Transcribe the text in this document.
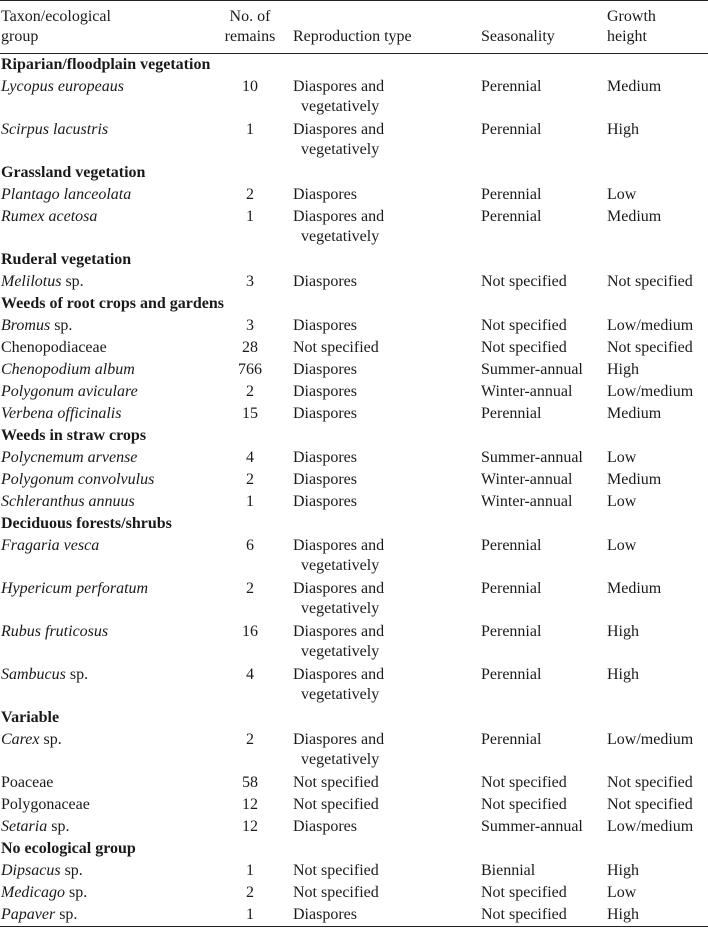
Taxon/ecological
group	No. of
remains	Reproduction type	Seasonality	Growth
height
Riparian/floodplain vegetation				
Lycopus europeaus	10	Diaspores and
vegetatively	Perennial	Medium
Scirpus lacustris	1	Diaspores and
vegetatively	Perennial	High
Grassland vegetation				
Plantago lanceolata	2	Diaspores	Perennial	Low
Rumex acetosa	1	Diaspores and
vegetatively	Perennial	Medium
Ruderal vegetation				
Melilotus sp.	3	Diaspores	Not specified	Not specified
Weeds of root crops and gardens				
Bromus sp.	3	Diaspores	Not specified	Low/medium
Chenopodiaceae	28	Not specified	Not specified	Not specified
Chenopodium album	766	Diaspores	Summer-annual	High
Polygonum aviculare	2	Diaspores	Winter-annual	Low/medium
Verbena officinalis	15	Diaspores	Perennial	Medium
Weeds in straw crops				
Polycnemum arvense	4	Diaspores	Summer-annual	Low
Polygonum convolvulus	2	Diaspores	Winter-annual	Medium
Schleranthus annuus	1	Diaspores	Winter-annual	Low
Deciduous forests/shrubs				
Fragaria vesca	6	Diaspores and
vegetatively	Perennial	Low
Hypericum perforatum	2	Diaspores and
vegetatively	Perennial	Medium
Rubus fruticosus	16	Diaspores and
vegetatively	Perennial	High
Sambucus sp.	4	Diaspores and
vegetatively	Perennial	High
Variable				
Carex sp.	2	Diaspores and
vegetatively	Perennial	Low/medium
Poaceae	58	Not specified	Not specified	Not specified
Polygonaceae	12	Not specified	Not specified	Not specified
Setaria sp.	12	Diaspores	Summer-annual	Low/medium
No ecological group				
Dipsacus sp.	1	Not specified	Biennial	High
Medicago sp.	2	Not specified	Not specified	Low
Papaver sp.	1	Diaspores	Not specified	High
